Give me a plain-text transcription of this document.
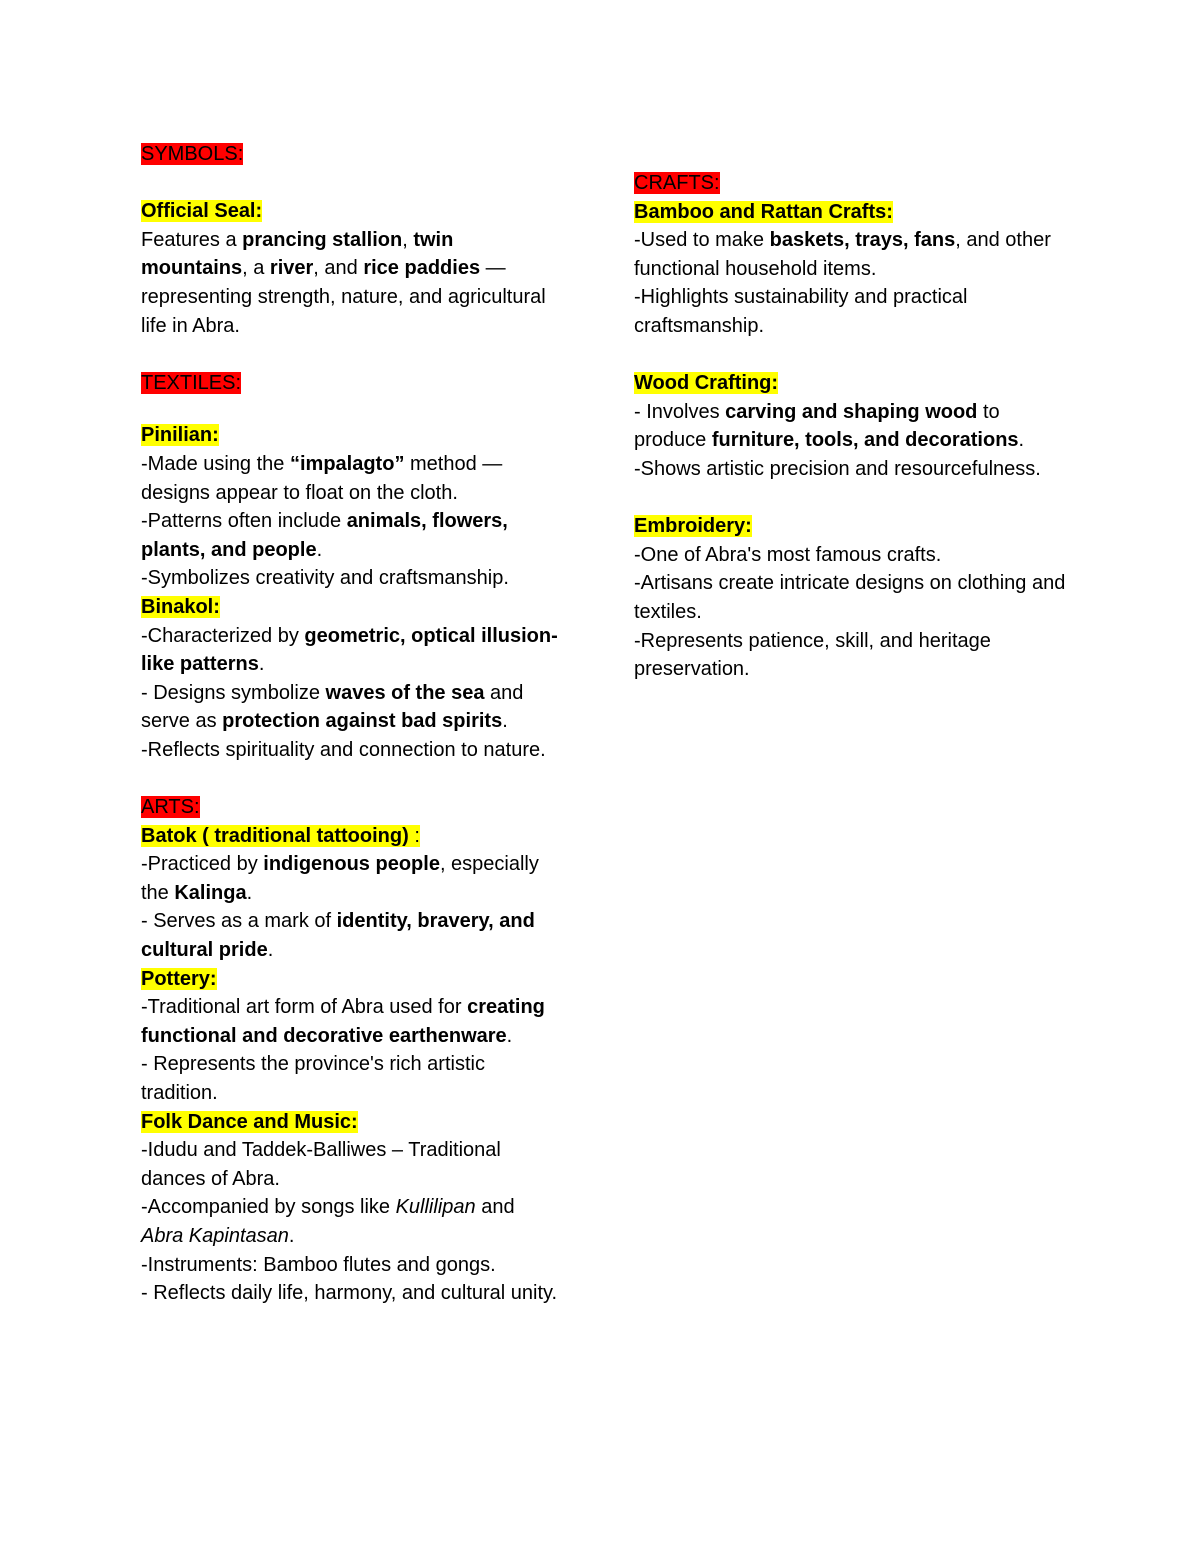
SYMBOLS:

Official Seal:

Features a prancing stallion, twin mountains, a river, and rice paddies — representing strength, nature, and agricultural life in Abra.

TEXTILES:

Pinilian:

-Made using the “impalagto” method — designs appear to float on the cloth.

-Patterns often include animals, flowers, plants, and people.

-Symbolizes creativity and craftsmanship.

Binakol:

-Characterized by geometric, optical illusion-like patterns.

- Designs symbolize waves of the sea and serve as protection against bad spirits.

-Reflects spirituality and connection to nature.

ARTS:

Batok ( traditional tattooing) :

-Practiced by indigenous people, especially the Kalinga.

- Serves as a mark of identity, bravery, and cultural pride.

Pottery:

-Traditional art form of Abra used for creating functional and decorative earthenware.

- Represents the province's rich artistic tradition.

Folk Dance and Music:

-Idudu and Taddek-Balliwes – Traditional dances of Abra.

-Accompanied by songs like Kullilipan and Abra Kapintasan.

-Instruments: Bamboo flutes and gongs.

- Reflects daily life, harmony, and cultural unity.

CRAFTS:

Bamboo and Rattan Crafts:

-Used to make baskets, trays, fans, and other functional household items.

-Highlights sustainability and practical craftsmanship.

Wood Crafting:

- Involves carving and shaping wood to produce furniture, tools, and decorations.

-Shows artistic precision and resourcefulness.

Embroidery:

-One of Abra's most famous crafts.

-Artisans create intricate designs on clothing and textiles.

-Represents patience, skill, and heritage preservation.
